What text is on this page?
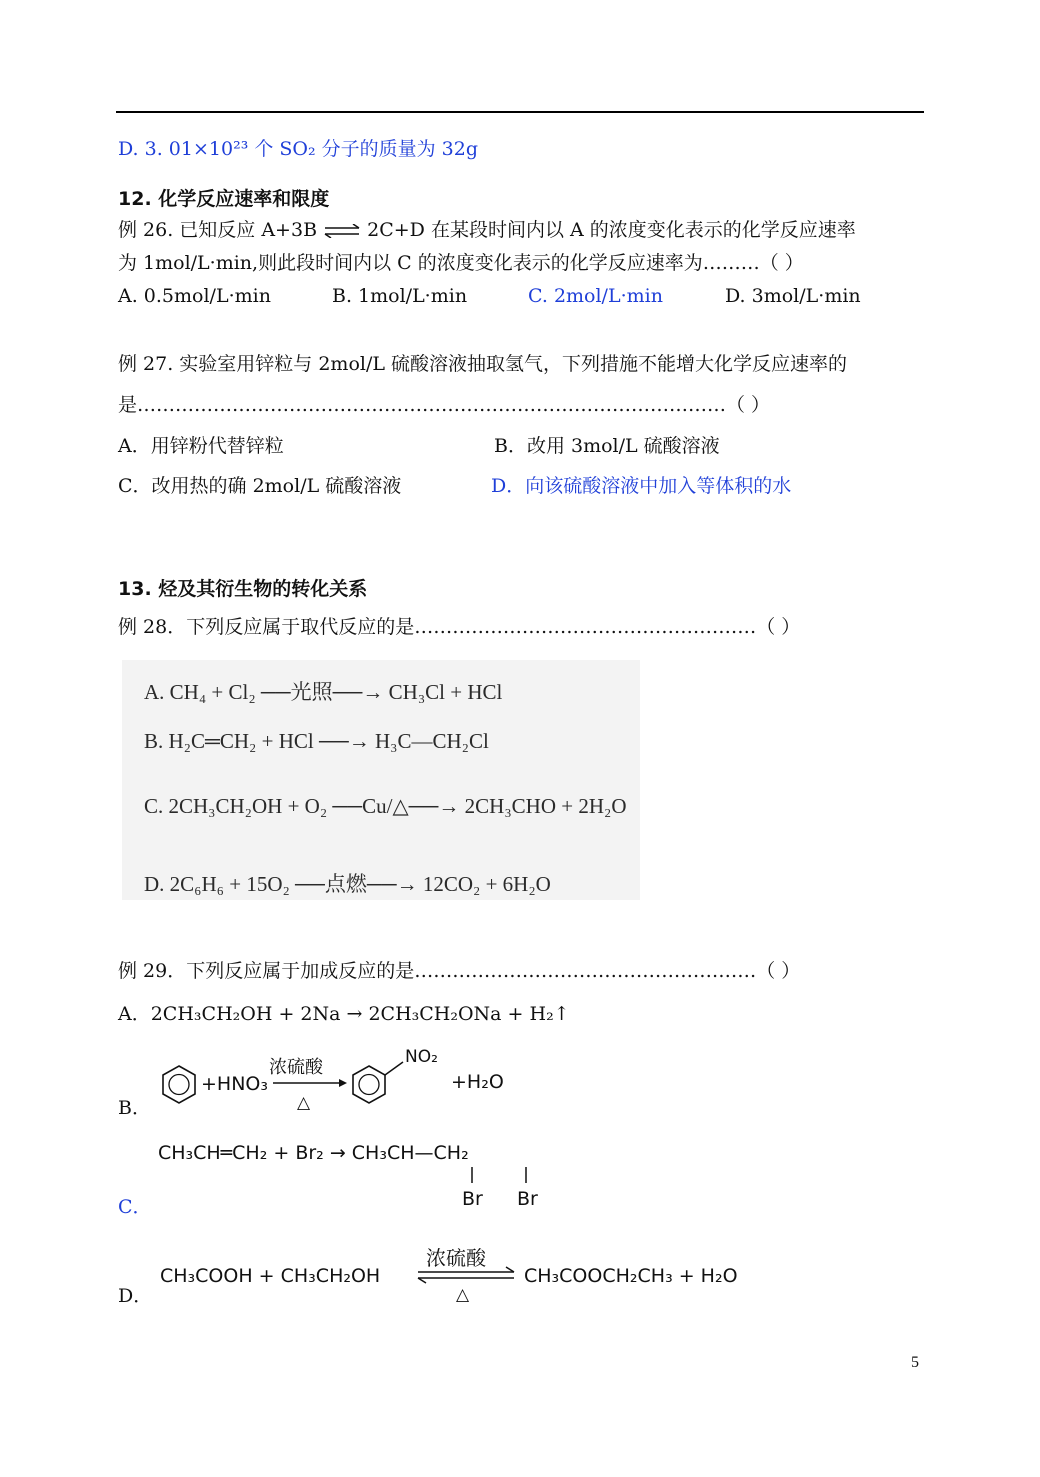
D. 3. 01×10²³ 个 SO₂ 分子的质量为 32g
12. 化学反应速率和限度
例 26. 已知反应 A+3B ⇌ 2C+D 在某段时间内以 A 的浓度变化表示的化学反应速率
为 1mol/L·min,则此段时间内以 C 的浓度变化表示的化学反应速率为………（ ）
A. 0.5mol/L·min	B. 1mol/L·min	C. 2mol/L·min	D. 3mol/L·min
例 27. 实验室用锌粒与 2mol/L 硫酸溶液抽取氢气，下列措施不能增大化学反应速率的
是…………………………………………………………………………………（ ）
A．用锌粉代替锌粒	B．改用 3mol/L 硫酸溶液
C．改用热的确 2mol/L 硫酸溶液	D．向该硫酸溶液中加入等体积的水
13. 烃及其衍生物的转化关系
例 28．下列反应属于取代反应的是………………………………………………（ ）
A. CH₄ + Cl₂ ──光照──→ CH₃Cl + HCl
B. H₂C═CH₂ + HCl ──→ H₃C—CH₂Cl
C. 2CH₃CH₂OH + O₂ ──Cu/△──→ 2CH₃CHO + 2H₂O
D. 2C₆H₆ + 15O₂ ──点燃──→ 12CO₂ + 6H₂O
例 29．下列反应属于加成反应的是………………………………………………（ ）
A．2CH₃CH₂OH + 2Na → 2CH₃CH₂ONa + H₂↑
B．
+HNO₃
浓硫酸
△
NO₂
+H₂O
CH₃CH═CH₂ + Br₂ → CH₃CH—CH₂
Br Br
C．
D．
CH₃COOH + CH₃CH₂OH
浓硫酸
△
CH₃COOCH₂CH₃ + H₂O
5
